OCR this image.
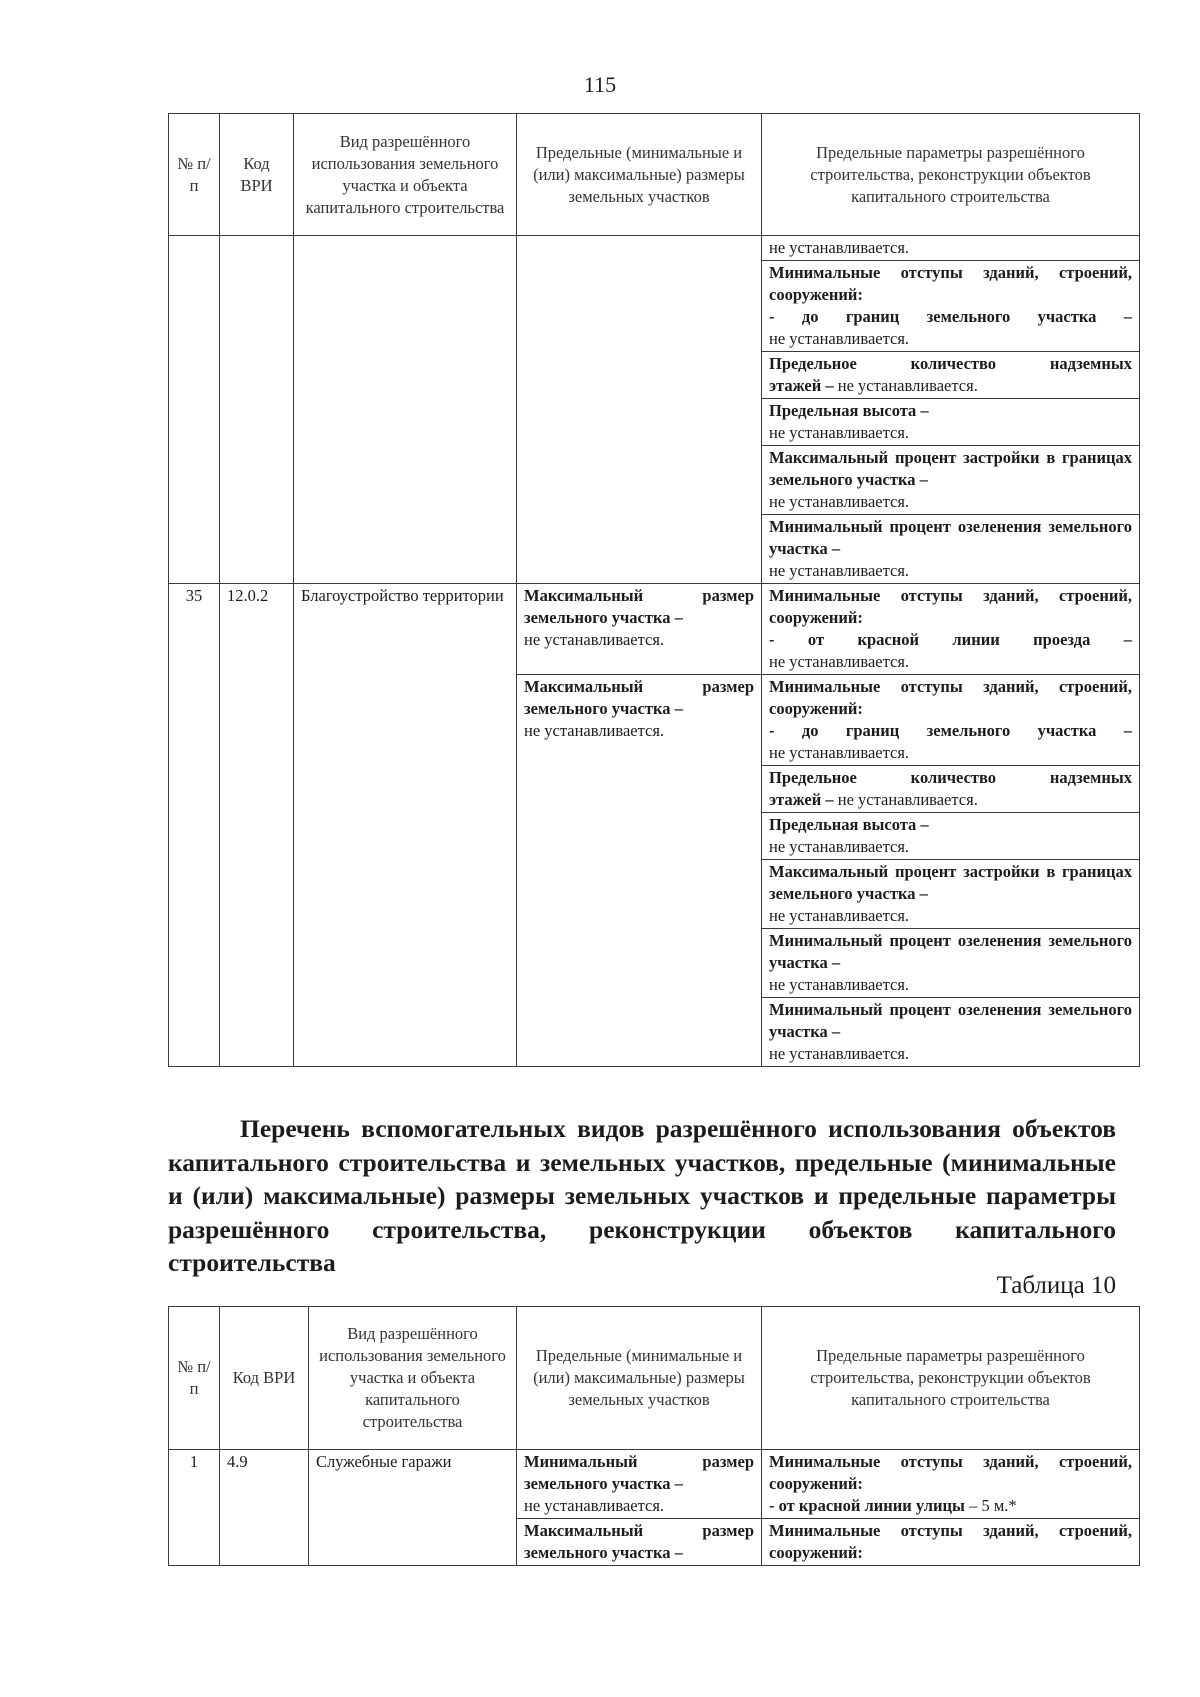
115
№ п/п	Код ВРИ	Вид разрешённого использования земельного участка и объекта капитального строительства	Предельные (минимальные и (или) максимальные) размеры земельных участков	Предельные параметры разрешённого строительства, реконструкции объектов капитального строительства
				не устанавливается.
				Минимальные отступы зданий, строений, сооружений:
- до границ земельного участка –
не устанавливается.

				Предельное количество надземных
этажей – не устанавливается.

				Предельная высота –
не устанавливается.
				Максимальный процент застройки в границах земельного участка –
не устанавливается.

				Минимальный процент озеленения земельного участка –
не устанавливается.

35	12.0.2	Благоустройство территории	Максимальный размер земельного участка –
не устанавливается.	Минимальные отступы зданий, строений, сооружений:
- от красной линии проезда –
не устанавливается.
			Максимальный размер земельного участка –
не устанавливается.	Минимальные отступы зданий, строений, сооружений:
- до границ земельного участка –
не устанавливается.

				Предельное количество надземных
этажей – не устанавливается.

				Предельная высота –
не устанавливается.
				Максимальный процент застройки в границах земельного участка –
не устанавливается.

				Минимальный процент озеленения земельного участка –
не устанавливается.

				Минимальный процент озеленения земельного участка –
не устанавливается.
Перечень вспомогательных видов разрешённого использования объектов капитального строительства и земельных участков, предельные (минимальные и (или) максимальные) размеры земельных участков и предельные параметры разрешённого строительства, реконструкции объектов капитального строительства
Таблица 10
№ п/п	Код ВРИ	Вид разрешённого использования земельного участка и объекта капитального строительства	Предельные (минимальные и (или) максимальные) размеры земельных участков	Предельные параметры разрешённого строительства, реконструкции объектов капитального строительства
1	4.9	Служебные гаражи	Минимальный размер земельного участка –
не устанавливается.	Минимальные отступы зданий, строений, сооружений:
- от красной линии улицы – 5 м.*

			Максимальный размер земельного участка –	Минимальные отступы зданий, строений, сооружений:
